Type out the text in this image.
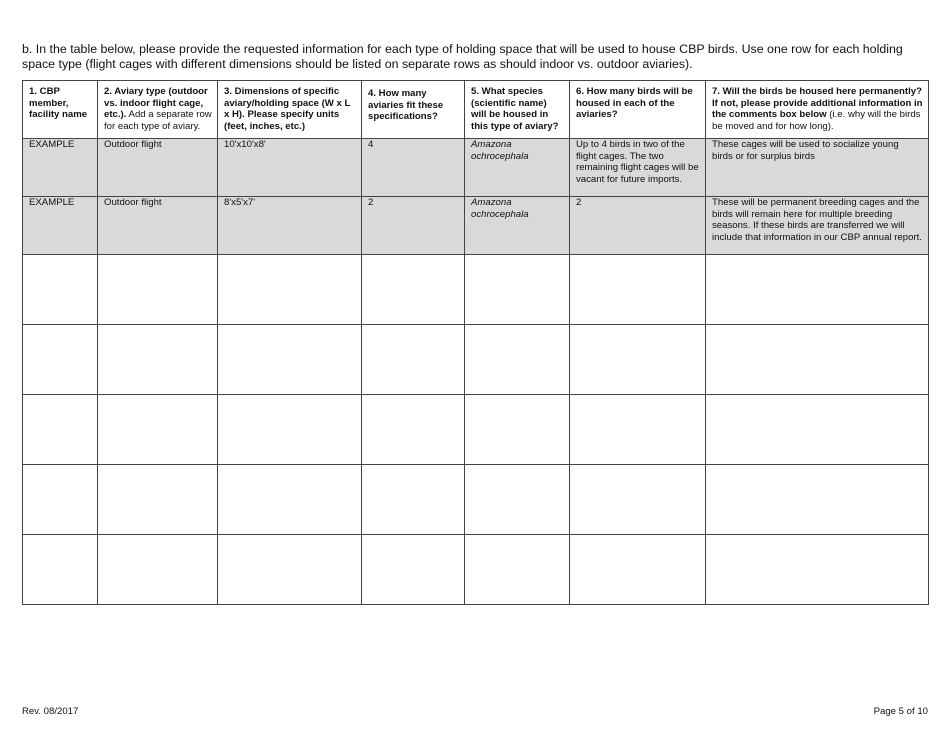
b. In the table below, please provide the requested information for each type of holding space that will be used to house CBP birds. Use one row for each holding space type (flight cages with different dimensions should be listed on separate rows as should indoor vs. outdoor aviaries).

1. CBP member, facility name	2. Aviary type (outdoor vs. indoor flight cage, etc.). Add a separate row for each type of aviary.	3. Dimensions of specific aviary/holding space (W x L x H). Please specify units (feet, inches, etc.)	4. How many aviaries fit these specifications?	5. What species (scientific name) will be housed in this type of aviary?	6. How many birds will be housed in each of the aviaries?	7. Will the birds be housed here permanently? If not, please provide additional information in the comments box below (i.e. why will the birds be moved and for how long).

EXAMPLE	Outdoor flight	10'x10'x8'	4	Amazona ochrocephala	Up to 4 birds in two of the flight cages. The two remaining flight cages will be vacant for future imports.	These cages will be used to socialize young birds or for surplus birds

EXAMPLE	Outdoor flight	8'x5'x7'	2	Amazona ochrocephala	2	These will be permanent breeding cages and the birds will remain here for multiple breeding seasons. If these birds are transferred we will include that information in our CBP annual report.

Rev. 08/2017	Page 5 of 10
